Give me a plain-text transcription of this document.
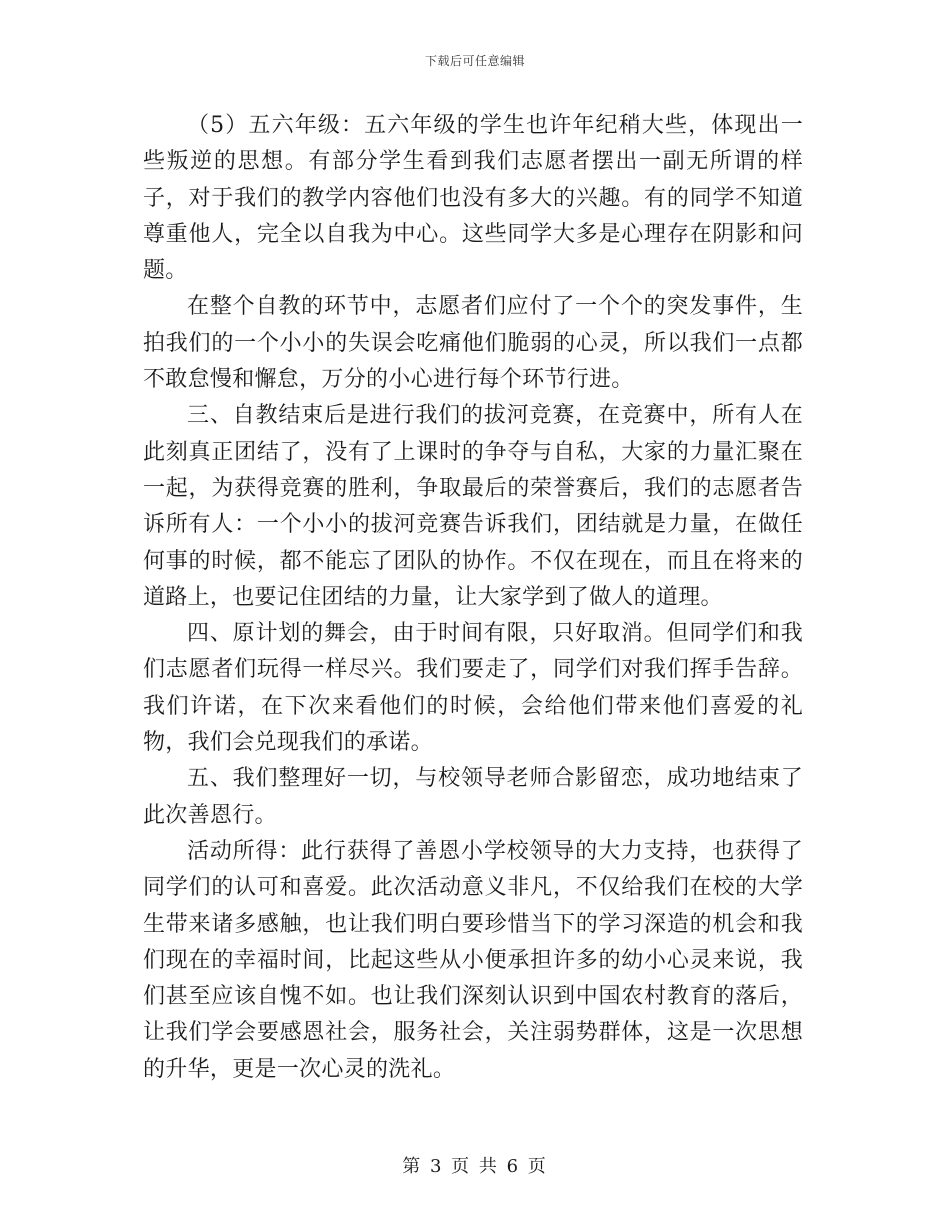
下载后可任意编辑

（5）五六年级：五六年级的学生也许年纪稍大些，体现出一些叛逆的思想。有部分学生看到我们志愿者摆出一副无所谓的样子，对于我们的教学内容他们也没有多大的兴趣。有的同学不知道尊重他人，完全以自我为中心。这些同学大多是心理存在阴影和问题。

在整个自教的环节中，志愿者们应付了一个个的突发事件，生拍我们的一个小小的失误会吃痛他们脆弱的心灵，所以我们一点都不敢怠慢和懈怠，万分的小心进行每个环节行进。

三、自教结束后是进行我们的拔河竞赛，在竞赛中，所有人在此刻真正团结了，没有了上课时的争夺与自私，大家的力量汇聚在一起，为获得竞赛的胜利，争取最后的荣誉赛后，我们的志愿者告诉所有人：一个小小的拔河竞赛告诉我们，团结就是力量，在做任何事的时候，都不能忘了团队的协作。不仅在现在，而且在将来的道路上，也要记住团结的力量，让大家学到了做人的道理。

四、原计划的舞会，由于时间有限，只好取消。但同学们和我们志愿者们玩得一样尽兴。我们要走了，同学们对我们挥手告辞。我们许诺，在下次来看他们的时候，会给他们带来他们喜爱的礼物，我们会兑现我们的承诺。

五、我们整理好一切，与校领导老师合影留恋，成功地结束了此次善恩行。

活动所得：此行获得了善恩小学校领导的大力支持，也获得了同学们的认可和喜爱。此次活动意义非凡，不仅给我们在校的大学生带来诸多感触，也让我们明白要珍惜当下的学习深造的机会和我们现在的幸福时间，比起这些从小便承担许多的幼小心灵来说，我们甚至应该自愧不如。也让我们深刻认识到中国农村教育的落后，让我们学会要感恩社会，服务社会，关注弱势群体，这是一次思想的升华，更是一次心灵的洗礼。

第 3 页 共 6 页
